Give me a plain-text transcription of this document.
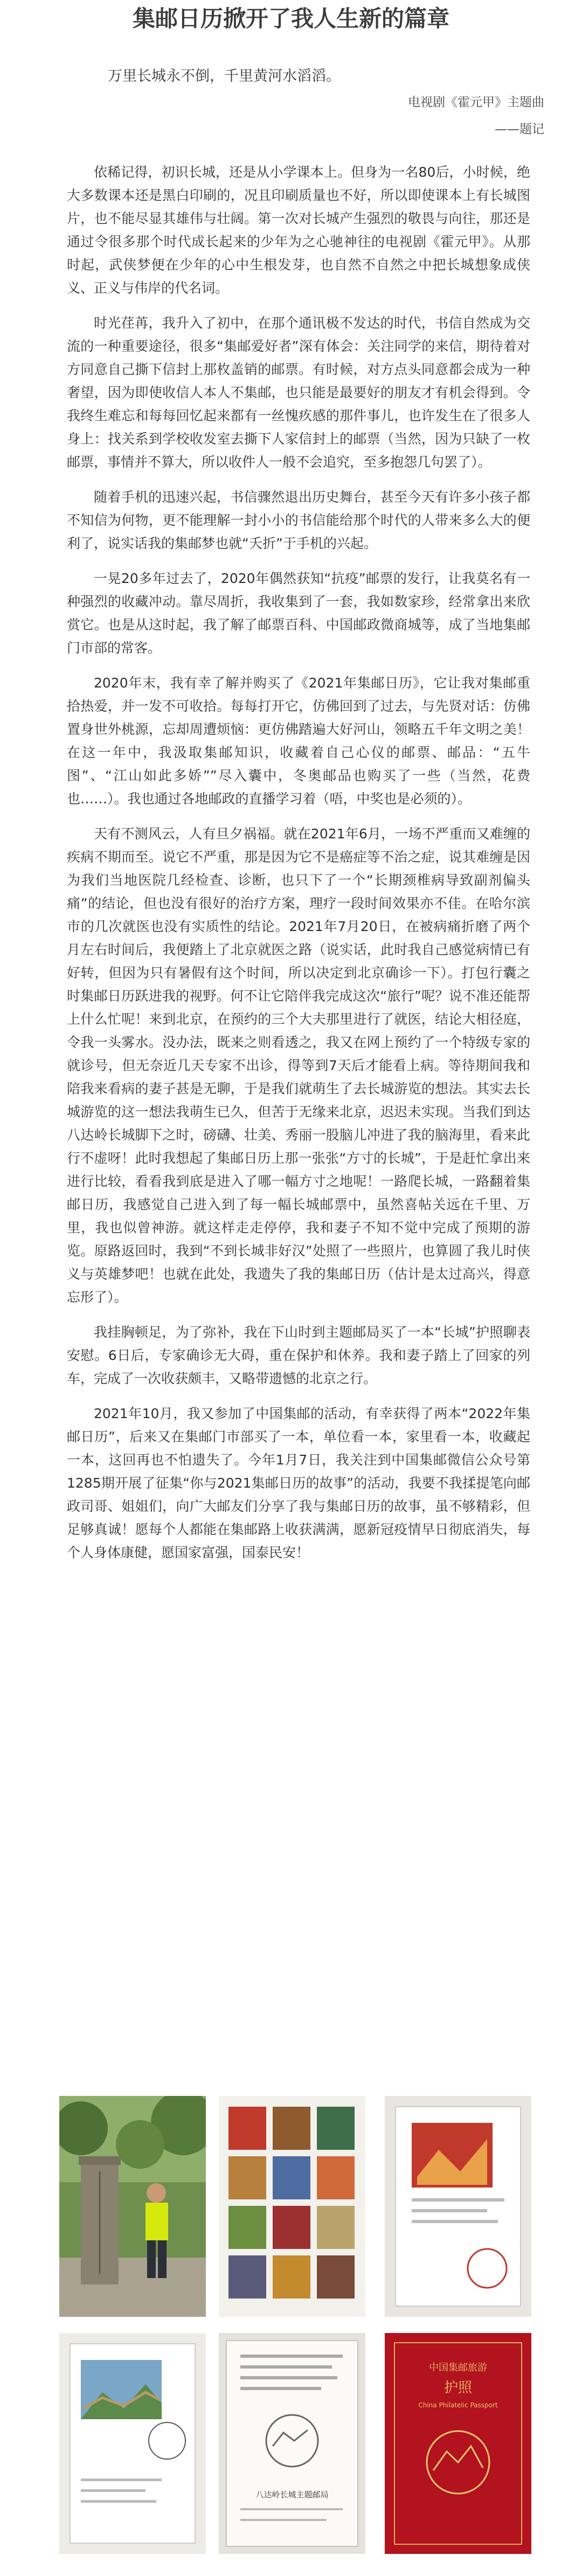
集邮日历掀开了我人生新的篇章
万里长城永不倒，千里黄河水滔滔。
电视剧《霍元甲》主题曲
——题记

依稀记得，初识长城，还是从小学课本上。但身为一名80后，小时候，绝大多数课本还是黑白印刷的，况且印刷质量也不好，所以即使课本上有长城图片，也不能尽显其雄伟与壮阔。第一次对长城产生强烈的敬畏与向往，那还是通过令很多那个时代成长起来的少年为之心驰神往的电视剧《霍元甲》。从那时起，武侠梦便在少年的心中生根发芽，也自然不自然之中把长城想象成侠义、正义与伟岸的代名词。

时光荏苒，我升入了初中，在那个通讯极不发达的时代，书信自然成为交流的一种重要途径，很多“集邮爱好者”深有体会：关注同学的来信，期待着对方同意自己撕下信封上那枚盖销的邮票。有时候，对方点头同意都会成为一种奢望，因为即使收信人本人不集邮，也只能是最要好的朋友才有机会得到。令我终生难忘和每每回忆起来都有一丝愧疚感的那件事儿，也许发生在了很多人身上：找关系到学校收发室去撕下人家信封上的邮票（当然，因为只缺了一枚邮票，事情并不算大，所以收件人一般不会追究，至多抱怨几句罢了）。

随着手机的迅速兴起，书信骤然退出历史舞台，甚至今天有许多小孩子都不知信为何物，更不能理解一封小小的书信能给那个时代的人带来多么大的便利了，说实话我的集邮梦也就“夭折”于手机的兴起。

一晃20多年过去了，2020年偶然获知“抗疫”邮票的发行，让我莫名有一种强烈的收藏冲动。靠尽周折，我收集到了一套，我如数家珍，经常拿出来欣赏它。也是从这时起，我了解了邮票百科、中国邮政微商城等，成了当地集邮门市部的常客。

2020年末，我有幸了解并购买了《2021年集邮日历》，它让我对集邮重拾热爱，并一发不可收拾。每每打开它，仿佛回到了过去，与先贤对话：仿佛置身世外桃源，忘却周遭烦恼：更仿佛踏遍大好河山，领略五千年文明之美！在这一年中，我汲取集邮知识，收藏着自己心仪的邮票、邮品：“五牛图”、“江山如此多娇””尽入囊中，冬奥邮品也购买了一些（当然，花费也……）。我也通过各地邮政的直播学习着（唔，中奖也是必须的）。

天有不测风云，人有旦夕祸福。就在2021年6月，一场不严重而又难缠的疾病不期而至。说它不严重，那是因为它不是癌症等不治之症，说其难缠是因为我们当地医院几经检查、诊断，也只下了一个“长期颈椎病导致副剂偏头痛”的结论，但也没有很好的治疗方案，理疗一段时间效果亦不佳。在哈尔滨市的几次就医也没有实质性的结论。2021年7月20日，在被病痛折磨了两个月左右时间后，我便踏上了北京就医之路（说实话，此时我自己感觉病情已有好转，但因为只有暑假有这个时间，所以决定到北京确诊一下）。打包行囊之时集邮日历跃进我的视野。何不让它陪伴我完成这次“旅行”呢？说不准还能帮上什么忙呢！来到北京，在预约的三个大夫那里进行了就医，结论大相径庭，令我一头雾水。没办法，既来之则看透之，我又在网上预约了一个特级专家的就诊号，但无奈近几天专家不出诊，得等到7天后才能看上病。等待期间我和陪我来看病的妻子甚是无聊，于是我们就萌生了去长城游览的想法。其实去长城游览的这一想法我萌生已久，但苦于无缘来北京，迟迟未实现。当我们到达八达岭长城脚下之时，磅礴、壮美、秀丽一股脑儿冲进了我的脑海里，看来此行不虚呀！此时我想起了集邮日历上那一张张“方寸的长城”，于是赶忙拿出来进行比较，看看我到底是进入了哪一幅方寸之地呢！一路爬长城，一路翻着集邮日历，我感觉自己进入到了每一幅长城邮票中，虽然喜帖关远在千里、万里，我也似曾神游。就这样走走停停，我和妻子不知不觉中完成了预期的游览。原路返回时，我到“不到长城非好汉”处照了一些照片，也算圆了我儿时侠义与英雄梦吧！也就在此处，我遗失了我的集邮日历（估计是太过高兴，得意忘形了）。

我挂胸顿足，为了弥补，我在下山时到主题邮局买了一本“长城”护照聊表安慰。6日后，专家确诊无大碍，重在保护和休养。我和妻子踏上了回家的列车，完成了一次收获颇丰，又略带遗憾的北京之行。

2021年10月，我又参加了中国集邮的活动，有幸获得了两本“2022年集邮日历”，后来又在集邮门市部买了一本，单位看一本，家里看一本，收藏起一本，这回再也不怕遗失了。今年1月7日，我关注到中国集邮微信公众号第1285期开展了征集“你与2021集邮日历的故事”的活动，我要不我揉提笔向邮政司哥、姐姐们，向广大邮友们分享了我与集邮日历的故事，虽不够精彩，但足够真诚！愿每个人都能在集邮路上收获满满，愿新冠疫情早日彻底消失，每个人身体康健，愿国家富强，国泰民安！

八达岭长城主题邮局
中国集邮旅游
护照
China Philatelic Passport
